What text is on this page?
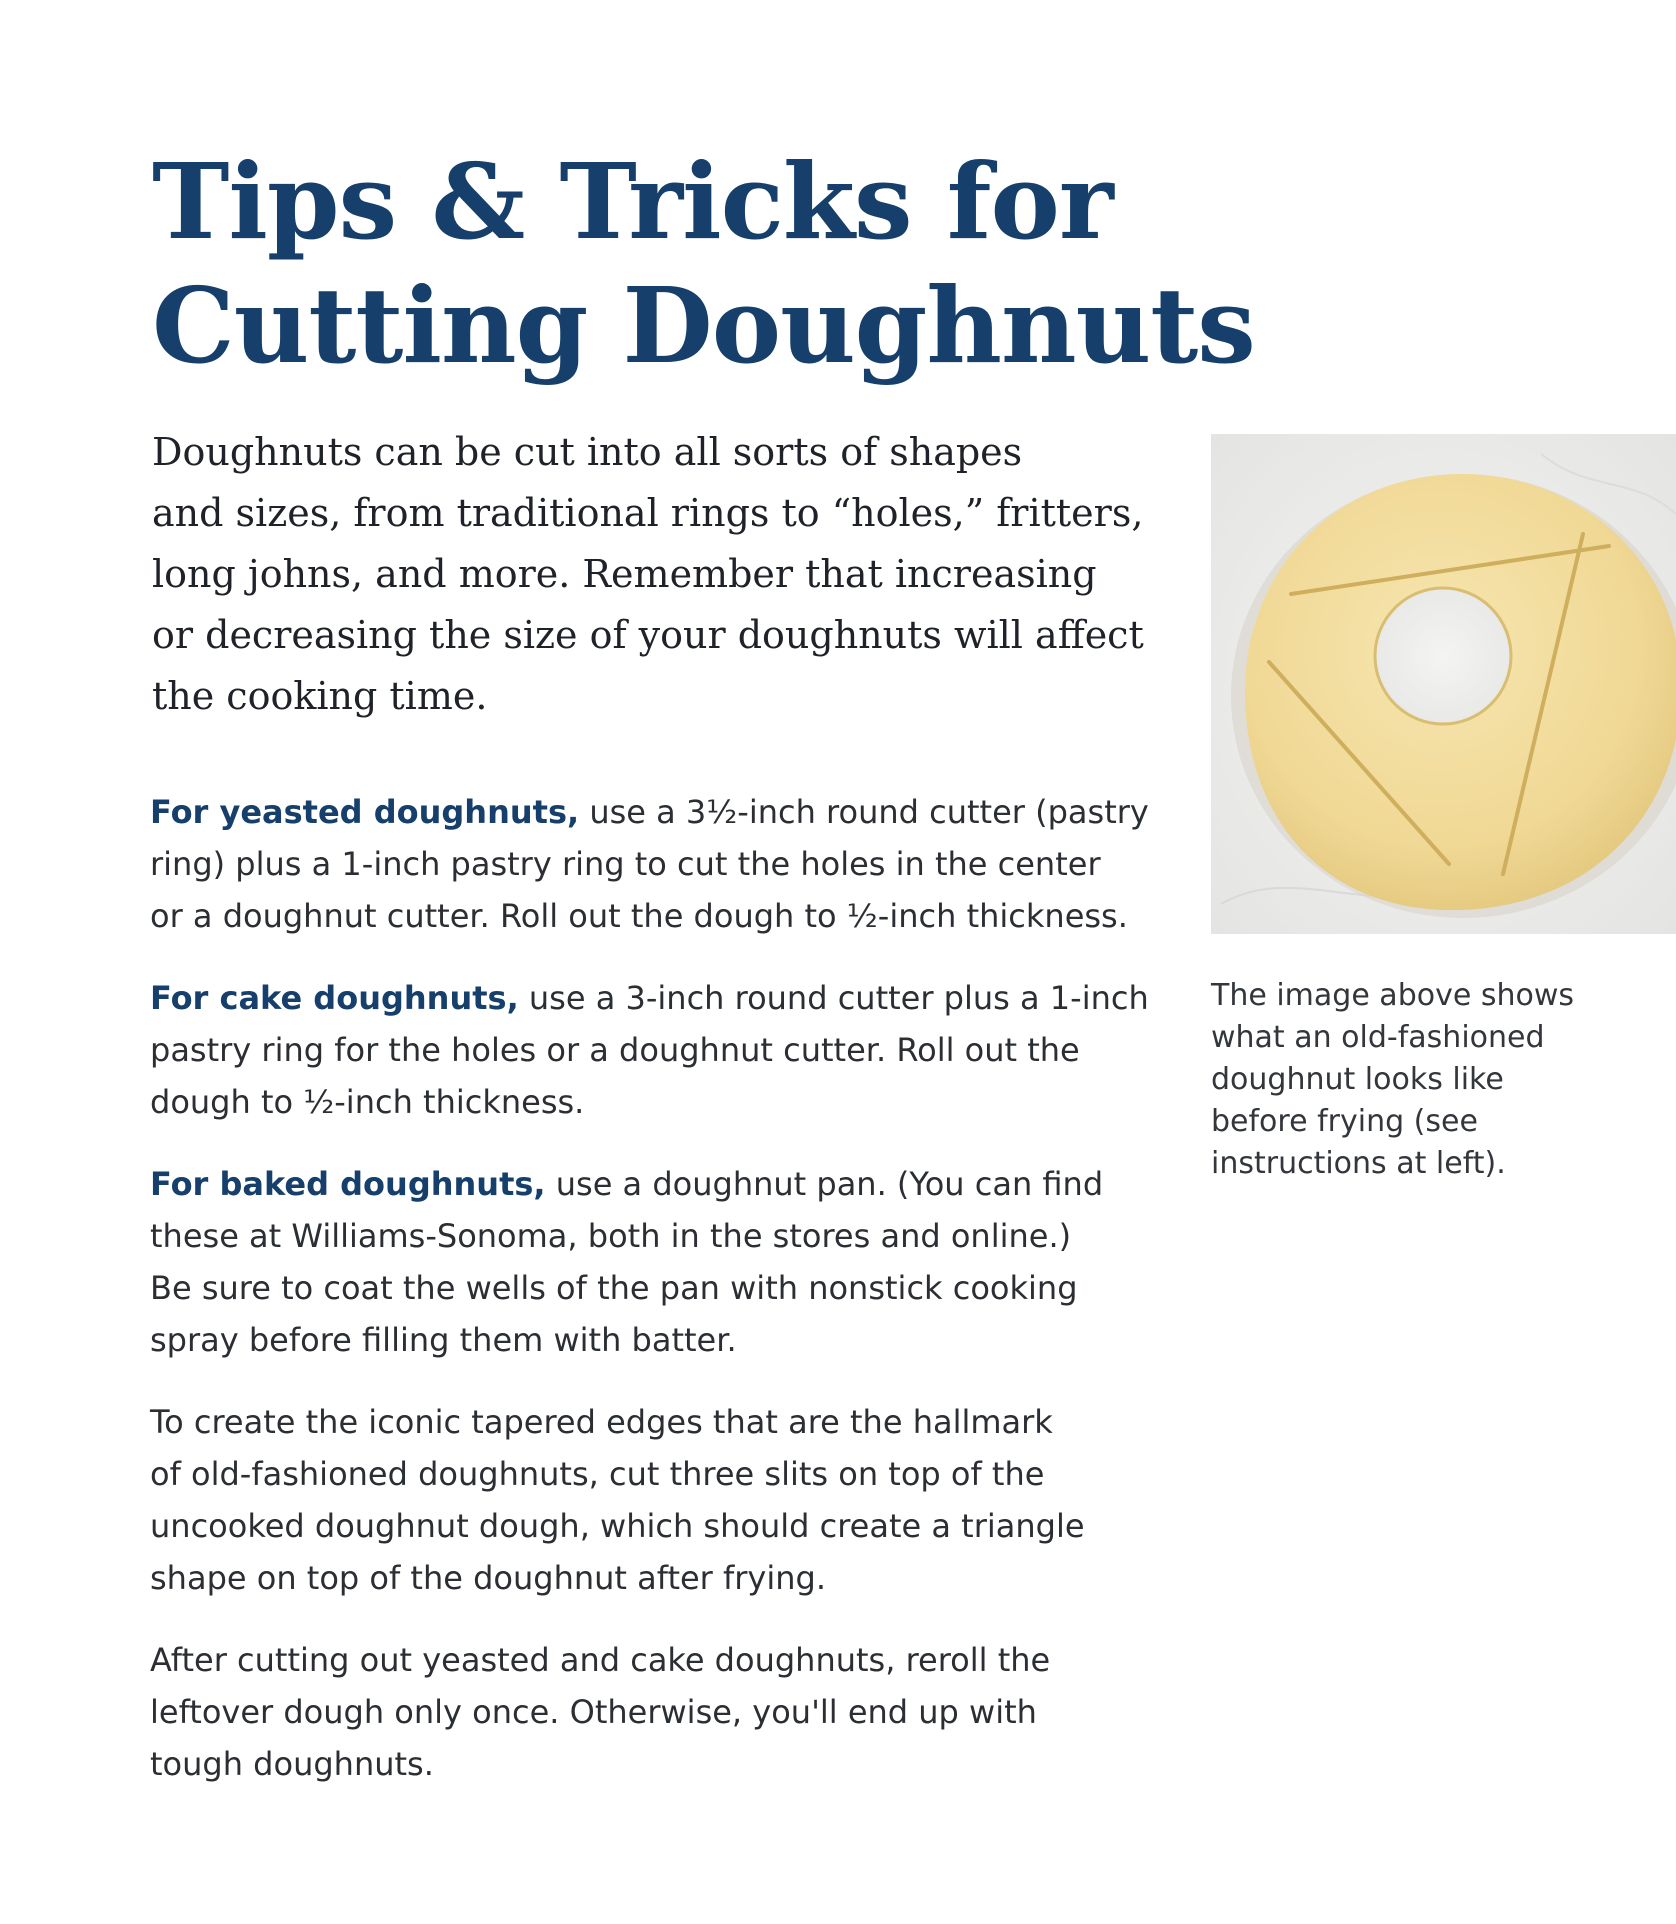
Tips & Tricks for
Cutting Doughnuts

Doughnuts can be cut into all sorts of shapes
and sizes, from traditional rings to “holes,” fritters,
long johns, and more. Remember that increasing
or decreasing the size of your doughnuts will affect
the cooking time.

For yeasted doughnuts, use a 3½-inch round cutter (pastry
ring) plus a 1-inch pastry ring to cut the holes in the center
or a doughnut cutter. Roll out the dough to ½-inch thickness.

For cake doughnuts, use a 3-inch round cutter plus a 1-inch
pastry ring for the holes or a doughnut cutter. Roll out the
dough to ½-inch thickness.

For baked doughnuts, use a doughnut pan. (You can find
these at Williams-Sonoma, both in the stores and online.)
Be sure to coat the wells of the pan with nonstick cooking
spray before filling them with batter.

To create the iconic tapered edges that are the hallmark
of old-fashioned doughnuts, cut three slits on top of the
uncooked doughnut dough, which should create a triangle
shape on top of the doughnut after frying.

After cutting out yeasted and cake doughnuts, reroll the
leftover dough only once. Otherwise, you'll end up with
tough doughnuts.

The image above shows
what an old-fashioned
doughnut looks like
before frying (see
instructions at left).
